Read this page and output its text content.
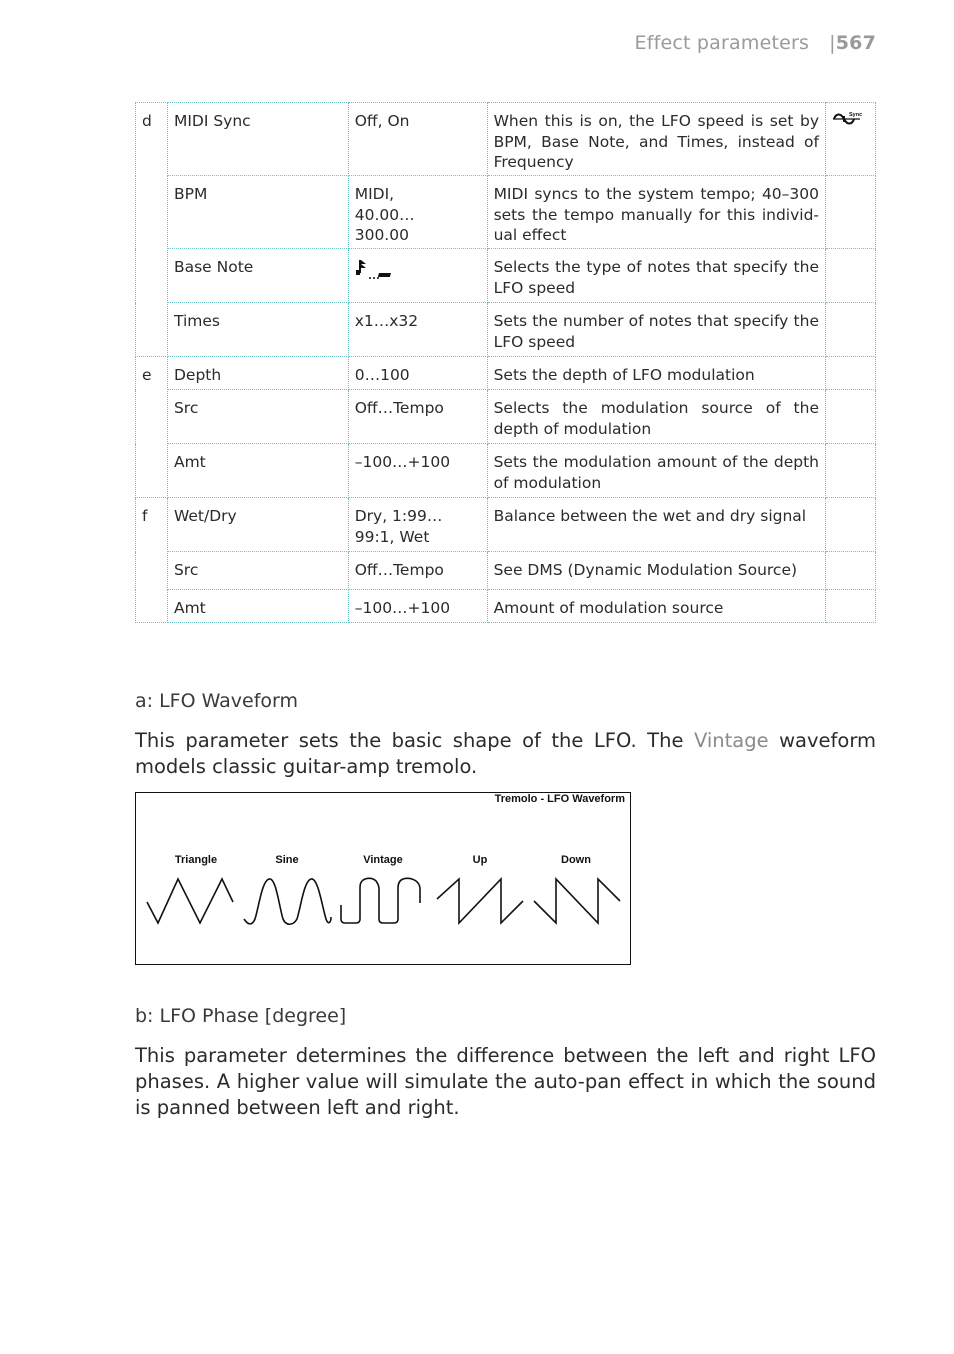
Effect parameters |567
d	MIDI Sync	Off, On	When this is on, the LFO speed is set by BPM, Base Note, and Times, instead of Frequency	Sync

	BPM	MIDI,
40.00…
300.00	MIDI syncs to the system tempo; 40–300 sets the tempo manually for this individual effect	
	Base Note		Selects the type of notes that specify the LFO speed	
	Times	x1…x32	Sets the number of notes that specify the LFO speed	
e	Depth	0…100	Sets the depth of LFO modulation	
	Src	Off…Tempo	Selects the modulation source of the depth of modulation	
	Amt	–100…+100	Sets the modulation amount of the depth of modulation	
f	Wet/Dry	Dry, 1:99…99:1, Wet	Balance between the wet and dry signal	
	Src	Off…Tempo	See DMS (Dynamic Modulation Source)	
	Amt	–100…+100	Amount of modulation source	
a: LFO Waveform
This parameter sets the basic shape of the LFO. The Vintage waveform models classic guitar-amp tremolo.
Tremolo - LFO Waveform
Triangle	Sine	Vintage	Up	Down
b: LFO Phase [degree]
This parameter determines the difference between the left and right LFO phases. A higher value will simulate the auto-pan effect in which the sound is panned between left and right.
